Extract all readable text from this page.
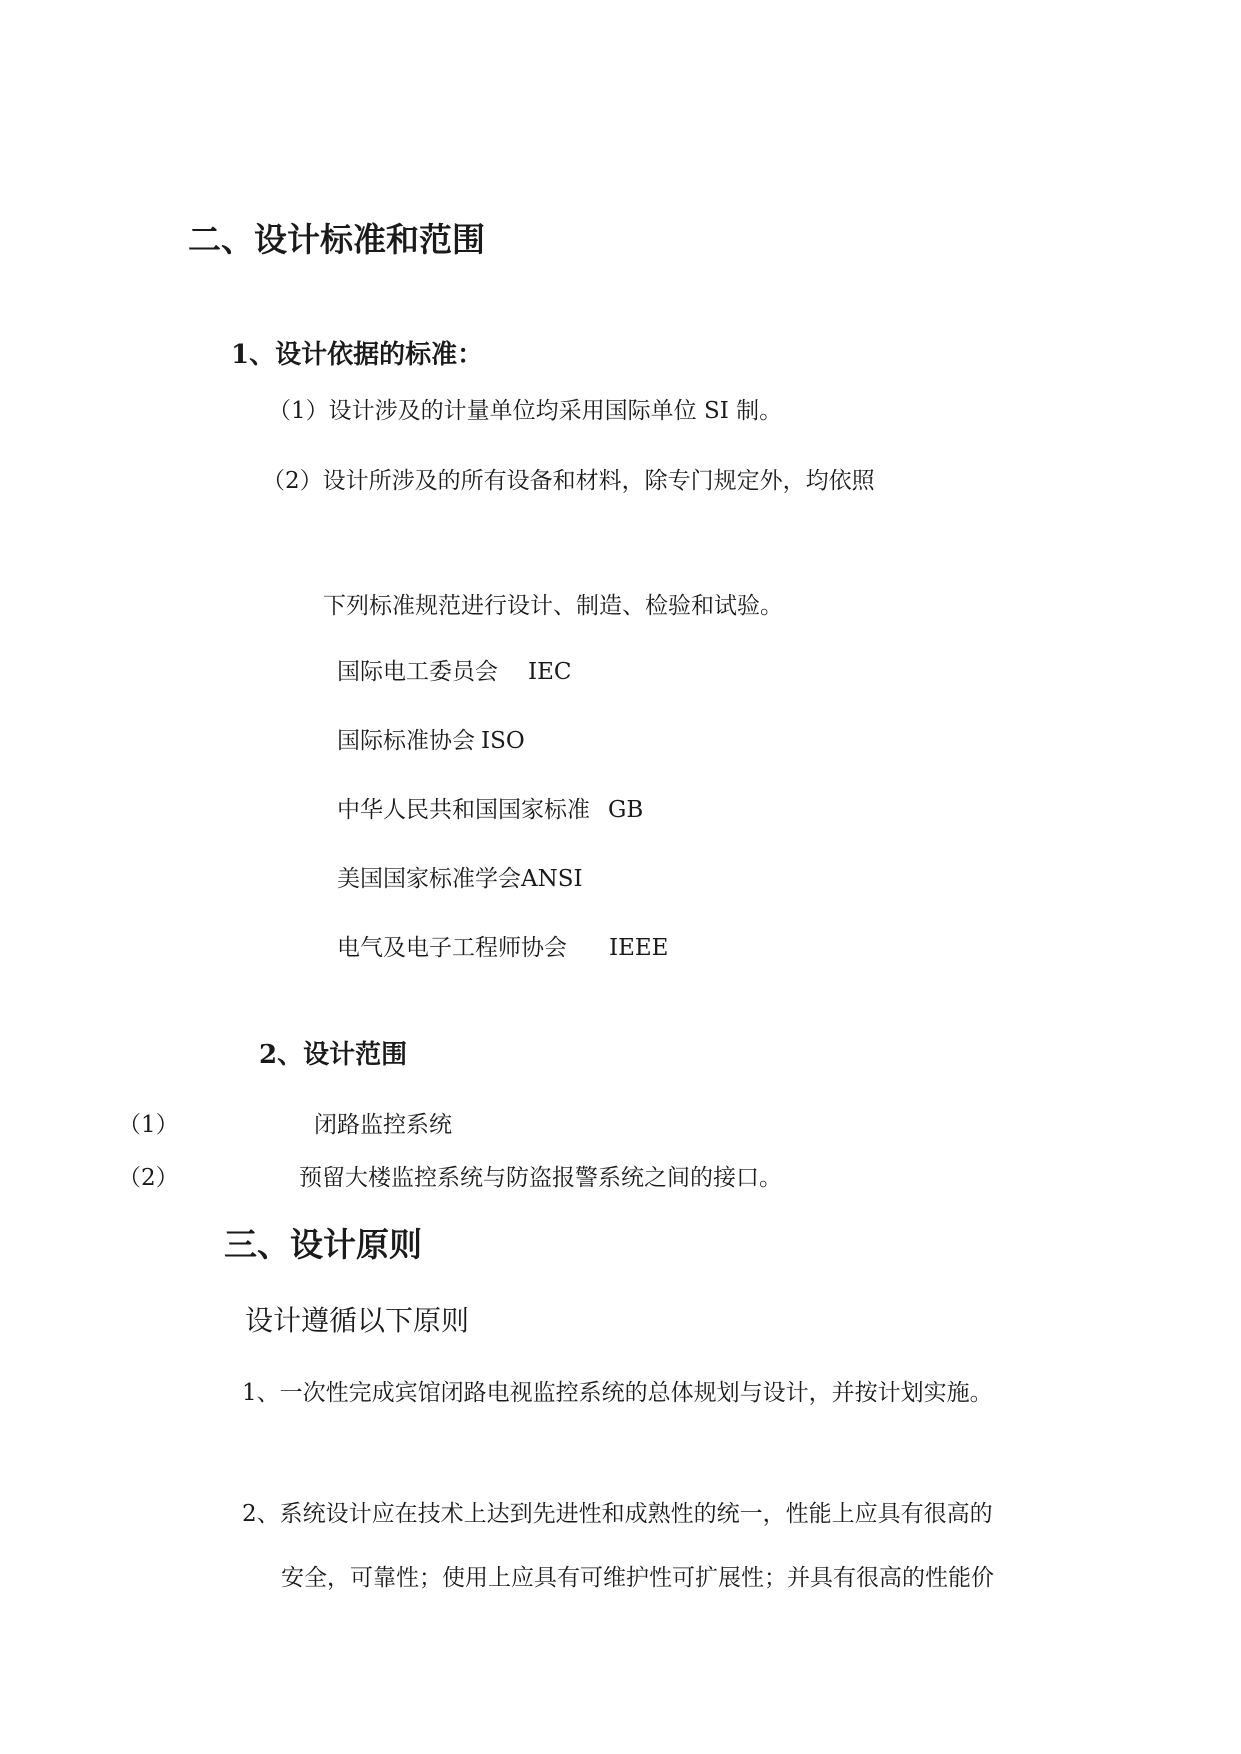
二、设计标准和范围
1、设计依据的标准：

（1）设计涉及的计量单位均采用国际单位 SI 制。

（2）设计所涉及的所有设备和材料，除专门规定外，均依照

下列标准规范进行设计、制造、检验和试验。

国际电工委员会 IEC

国际标准协会 ISO

中华人民共和国国家标准 GB

美国国家标准学会ANSI

电气及电子工程师协会 IEEE

2、设计范围
（1）	闭路监控系统
（2）	预留大楼监控系统与防盗报警系统之间的接口。
三、设计原则

设计遵循以下原则

1、一次性完成宾馆闭路电视监控系统的总体规划与设计，并按计划实施。

2、系统设计应在技术上达到先进性和成熟性的统一，性能上应具有很高的

安全，可靠性；使用上应具有可维护性可扩展性；并具有很高的性能价
